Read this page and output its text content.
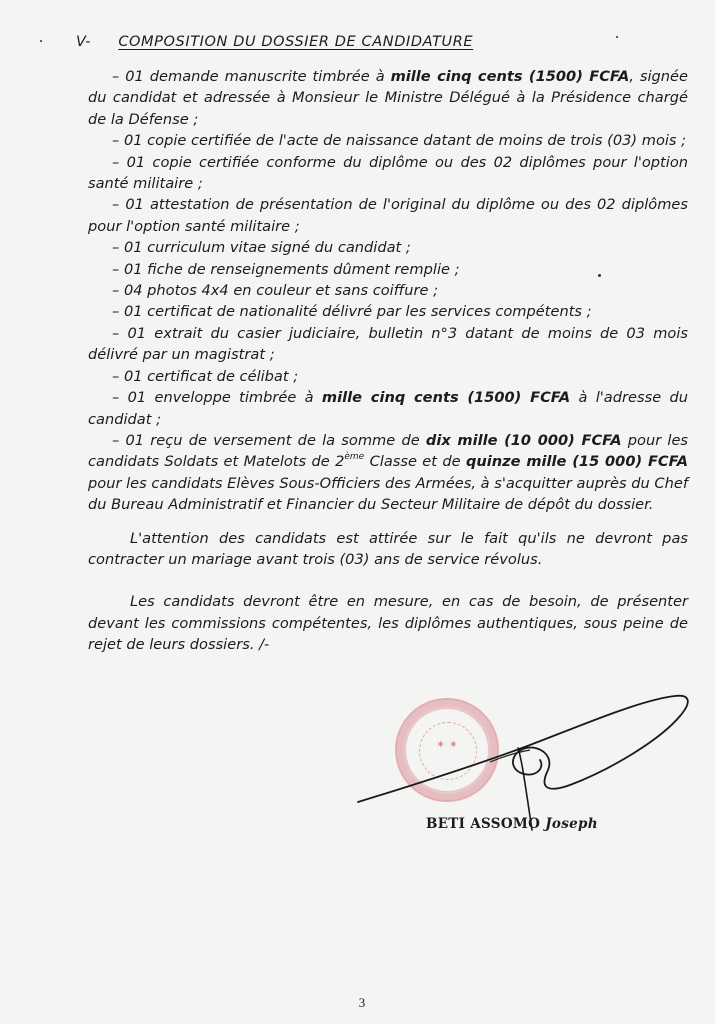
V- COMPOSITION DU DOSSIER DE CANDIDATURE
– 01 demande manuscrite timbrée à mille cinq cents (1500) FCFA, signée du candidat et adressée à Monsieur le Ministre Délégué à la Présidence chargé de la Défense ;
– 01 copie certifiée de l'acte de naissance datant de moins de trois (03) mois ;
– 01 copie certifiée conforme du diplôme ou des 02 diplômes pour l'option santé militaire ;
– 01 attestation de présentation de l'original du diplôme ou des 02 diplômes pour l'option santé militaire ;
– 01 curriculum vitae signé du candidat ;
– 01 fiche de renseignements dûment remplie ;
– 04 photos 4x4 en couleur et sans coiffure ;
– 01 certificat de nationalité délivré par les services compétents ;
– 01 extrait du casier judiciaire, bulletin n°3 datant de moins de 03 mois délivré par un magistrat ;
– 01 certificat de célibat ;
– 01 enveloppe timbrée à mille cinq cents (1500) FCFA à l'adresse du candidat ;
– 01 reçu de versement de la somme de dix mille (10 000) FCFA pour les candidats Soldats et Matelots de 2ème Classe et de quinze mille (15 000) FCFA pour les candidats Elèves Sous-Officiers des Armées, à s'acquitter auprès du Chef du Bureau Administratif et Financier du Secteur Militaire de dépôt du dossier.

L'attention des candidats est attirée sur le fait qu'ils ne devront pas contracter un mariage avant trois (03) ans de service révolus.

Les candidats devront être en mesure, en cas de besoin, de présenter devant les commissions compétentes, les diplômes authentiques, sous peine de rejet de leurs dossiers. /-

✶ ✶
BETI ASSOMO Joseph
3
